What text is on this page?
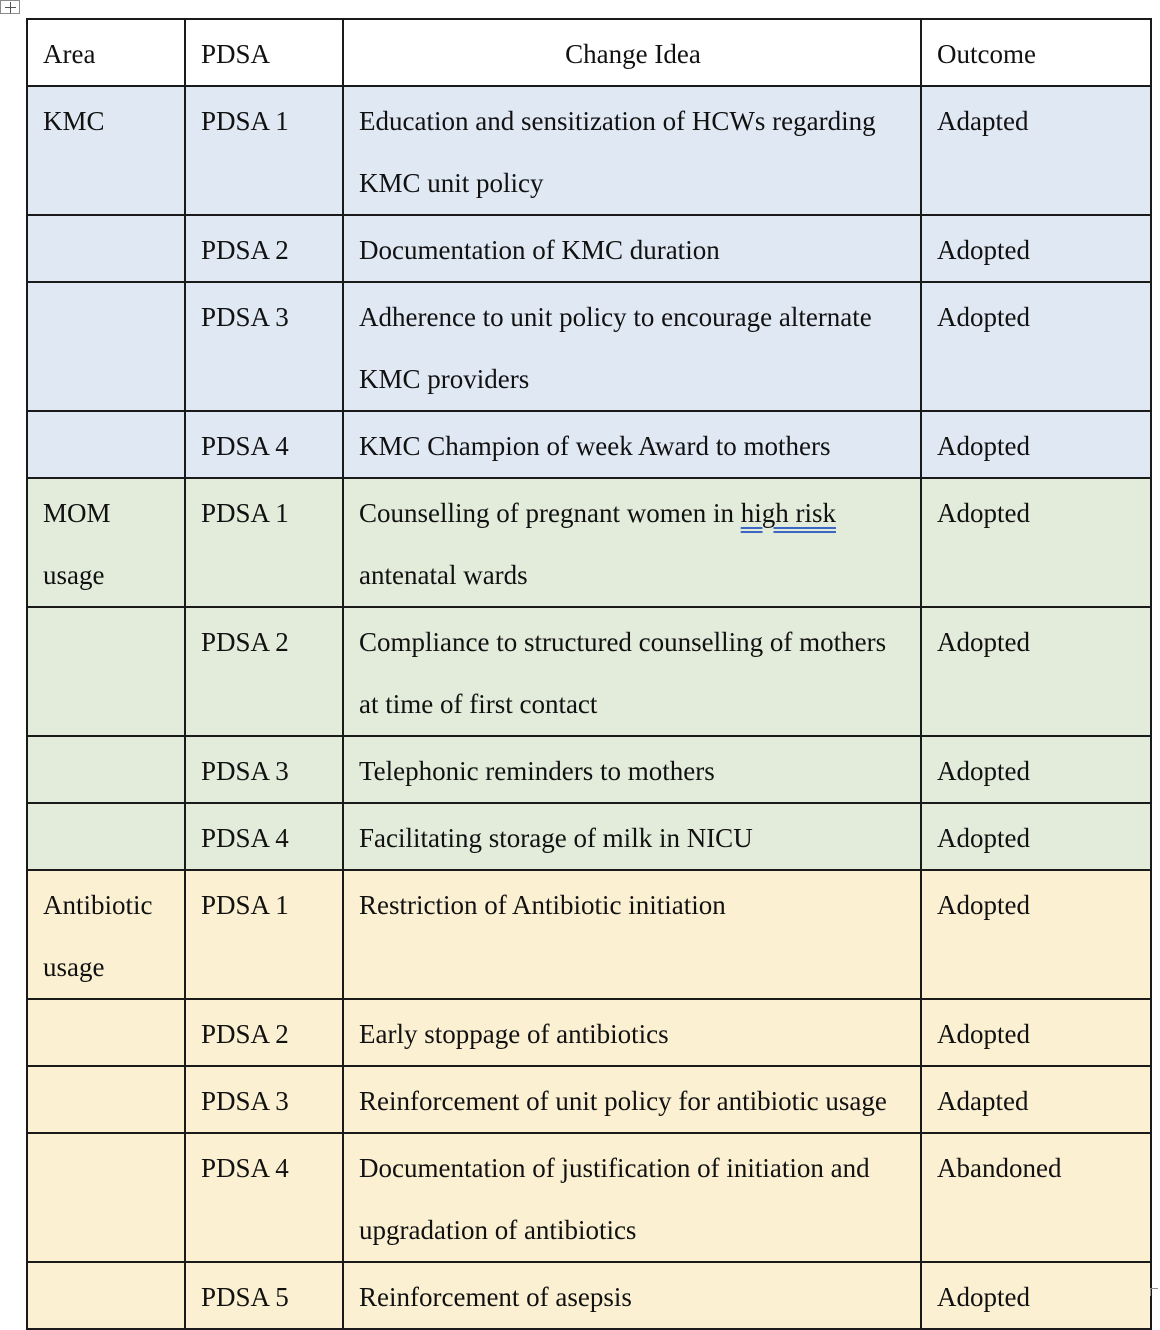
Area	PDSA	Change Idea	Outcome
KMC	PDSA 1	Education and sensitization of HCWs regarding KMC unit policy	Adapted
	PDSA 2	Documentation of KMC duration	Adopted
	PDSA 3	Adherence to unit policy to encourage alternate KMC providers	Adopted
	PDSA 4	KMC Champion of week Award to mothers	Adopted
MOM usage	PDSA 1	Counselling of pregnant women in high risk antenatal wards	Adopted
	PDSA 2	Compliance to structured counselling of mothers at time of first contact	Adopted
	PDSA 3	Telephonic reminders to mothers	Adopted
	PDSA 4	Facilitating storage of milk in NICU	Adopted
Antibiotic usage	PDSA 1	Restriction of Antibiotic initiation	Adopted
	PDSA 2	Early stoppage of antibiotics	Adopted
	PDSA 3	Reinforcement of unit policy for antibiotic usage	Adapted
	PDSA 4	Documentation of justification of initiation and upgradation of antibiotics	Abandoned
	PDSA 5	Reinforcement of asepsis	Adopted
